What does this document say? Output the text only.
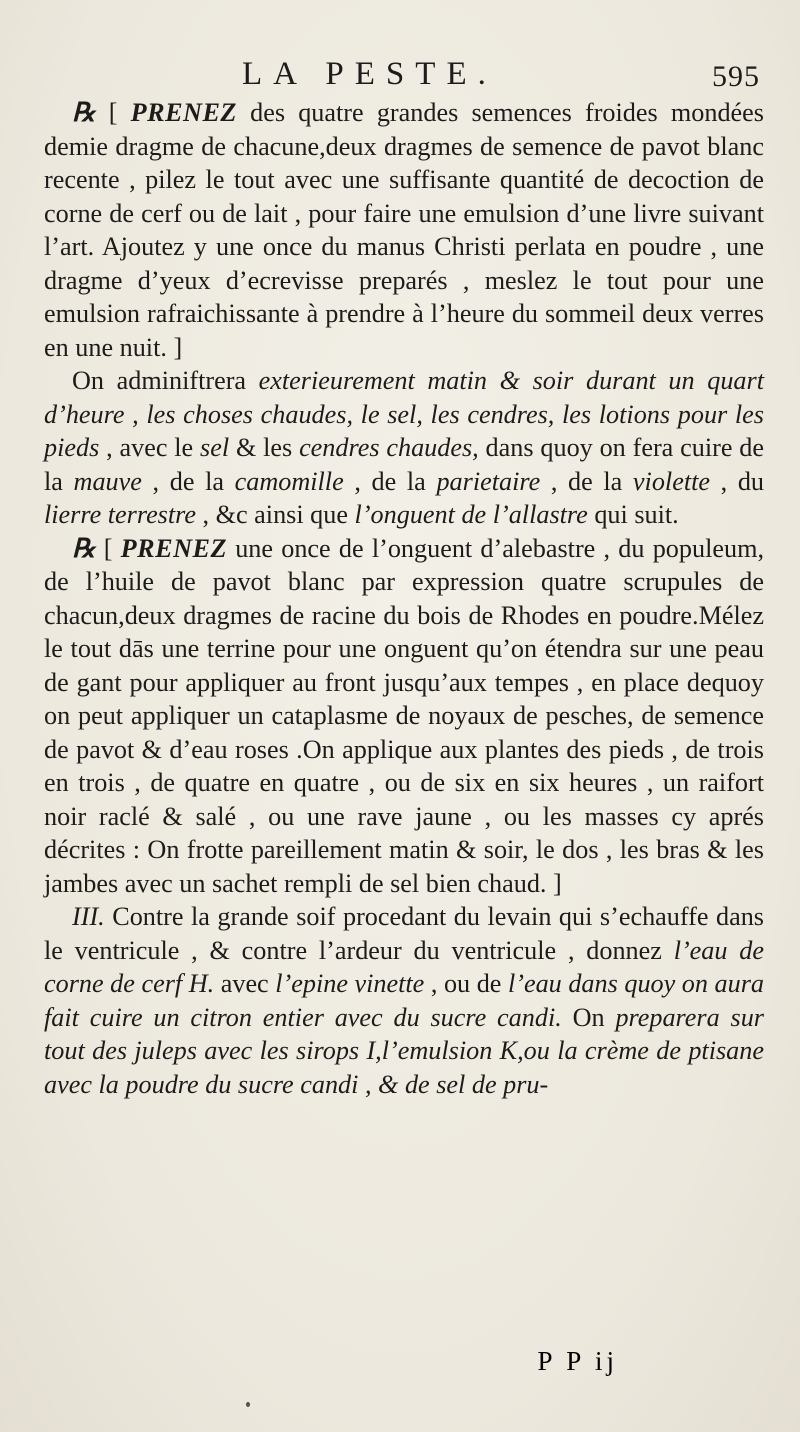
LA PESTE.	595

℞ [ PRENEZ des quatre grandes semences froides mondées demie dragme de chacune,deux dragmes de semence de pavot blanc recente , pilez le tout avec une suffisante quantité de decoction de corne de cerf ou de lait , pour faire une emulsion d’une livre suivant l’art. Ajoutez y une once du manus Christi perlata en poudre , une dragme d’yeux d’ecrevisse preparés , meslez le tout pour une emulsion rafraichissante à prendre à l’heure du sommeil deux verres en une nuit. ]

On adminiftrera exterieurement matin & soir durant un quart d’heure , les choses chaudes, le sel, les cendres, les lotions pour les pieds , avec le sel & les cendres chaudes, dans quoy on fera cuire de la mauve , de la camomille , de la parietaire , de la violette , du lierre terrestre , &c ainsi que l’onguent de l’allastre qui suit.

℞ [ PRENEZ une once de l’onguent d’alebastre , du populeum, de l’huile de pavot blanc par expression quatre scrupules de chacun,deux dragmes de racine du bois de Rhodes en poudre.Mélez le tout dās une terrine pour une onguent qu’on étendra sur une peau de gant pour appliquer au front jusqu’aux tempes , en place dequoy on peut appliquer un cataplasme de noyaux de pesches, de semence de pavot & d’eau roses .On applique aux plantes des pieds , de trois en trois , de quatre en quatre , ou de six en six heures , un raifort noir raclé & salé , ou une rave jaune , ou les masses cy aprés décrites : On frotte pareillement matin & soir, le dos , les bras & les jambes avec un sachet rempli de sel bien chaud. ]

III. Contre la grande soif procedant du levain qui s’echauffe dans le ventricule , & contre l’ardeur du ventricule , donnez l’eau de corne de cerf H. avec l’epine vinette , ou de l’eau dans quoy on aura fait cuire un citron entier avec du sucre candi. On preparera sur tout des juleps avec les sirops I,l’emulsion K,ou la crème de ptisane avec la poudre du sucre candi , & de sel de pru-

P P ij
